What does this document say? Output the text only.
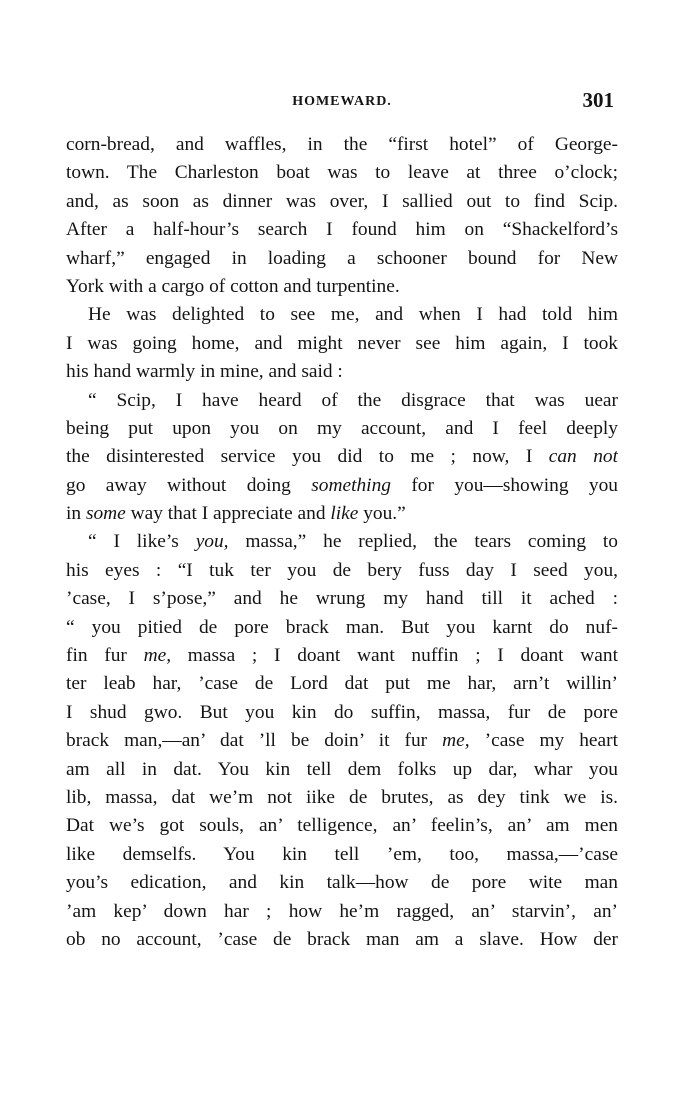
HOMEWARD.	301
corn-bread, and waffles, in the “first hotel” of George-
town. The Charleston boat was to leave at three o’clock;
and, as soon as dinner was over, I sallied out to find Scip.
After a half-hour’s search I found him on “Shackelford’s
wharf,” engaged in loading a schooner bound for New
York with a cargo of cotton and turpentine.
He was delighted to see me, and when I had told him
I was going home, and might never see him again, I took
his hand warmly in mine, and said :
“ Scip, I have heard of the disgrace that was uear
being put upon you on my account, and I feel deeply
the disinterested service you did to me ; now, I can not
go away without doing something for you—showing you
in some way that I appreciate and like you.”
“ I like’s you, massa,” he replied, the tears coming to
his eyes : “I tuk ter you de bery fuss day I seed you,
’case, I s’pose,” and he wrung my hand till it ached :
“ you pitied de pore brack man. But you karnt do nuf-
fin fur me, massa ; I doant want nuffin ; I doant want
ter leab har, ’case de Lord dat put me har, arn’t willin’
I shud gwo. But you kin do suffin, massa, fur de pore
brack man,—an’ dat ’ll be doin’ it fur me, ’case my heart
am all in dat. You kin tell dem folks up dar, whar you
lib, massa, dat we’m not iike de brutes, as dey tink we is.
Dat we’s got souls, an’ telligence, an’ feelin’s, an’ am men
like demselfs. You kin tell ’em, too, massa,—’case
you’s edication, and kin talk—how de pore wite man
’am kep’ down har ; how he’m ragged, an’ starvin’, an’
ob no account, ’case de brack man am a slave. How der
